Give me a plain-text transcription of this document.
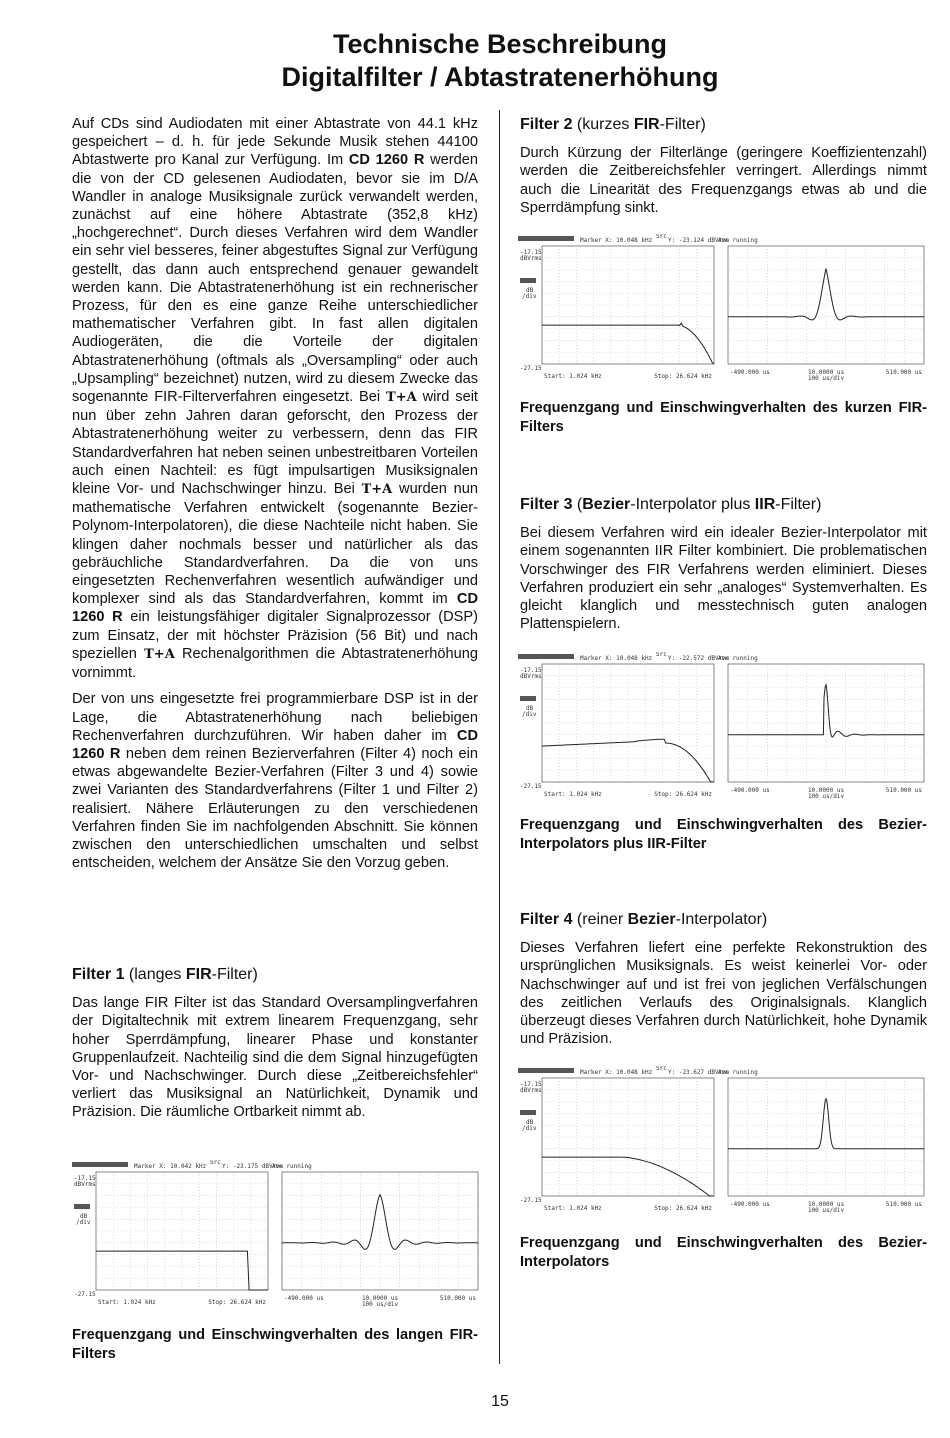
Technische Beschreibung
Digitalfilter / Abtastratenerhöhung

Auf CDs sind Audiodaten mit einer Abtastrate von 44.1 kHz gespeichert – d. h. für jede Sekunde Musik stehen 44100 Abtastwerte pro Kanal zur Verfügung. Im CD 1260 R werden die von der CD gelesenen Audiodaten, bevor sie im D/A Wandler in analoge Musiksignale zurück verwandelt werden, zunächst auf eine höhere Abtastrate (352,8 kHz) „hochgerechnet“. Durch dieses Verfahren wird dem Wandler ein sehr viel besseres, feiner abgestuftes Signal zur Verfügung gestellt, das dann auch entsprechend genauer gewandelt werden kann. Die Abtastratenerhöhung ist ein rechnerischer Prozess, für den es eine ganze Reihe unterschiedlicher mathematischer Verfahren gibt. In fast allen digitalen Audiogeräten, die die Vorteile der digitalen Abtastratenerhöhung (oftmals als „Oversampling“ oder auch „Upsampling“ bezeichnet) nutzen, wird zu diesem Zwecke das sogenannte FIR-Filterverfahren eingesetzt. Bei T+A wird seit nun über zehn Jahren daran geforscht, den Prozess der Abtastratenerhöhung weiter zu verbessern, denn das FIR Standardverfahren hat neben seinen unbestreitbaren Vorteilen auch einen Nachteil: es fügt impulsartigen Musiksignalen kleine Vor- und Nachschwinger hinzu. Bei T+A wurden nun mathematische Verfahren entwickelt (sogenannte Bezier-Polynom-Interpolatoren), die diese Nachteile nicht haben. Sie klingen daher nochmals besser und natürlicher als das gebräuchliche Standardverfahren. Da die von uns eingesetzten Rechenverfahren wesentlich aufwändiger und komplexer sind als das Standardverfahren, kommt im CD 1260 R ein leistungsfähiger digitaler Signalprozessor (DSP) zum Einsatz, der mit höchster Präzision (56 Bit) und nach speziellen T+A Rechenalgorithmen die Abtastratenerhöhung vornimmt.

Der von uns eingesetzte frei programmierbare DSP ist in der Lage, die Abtastratenerhöhung nach beliebigen Rechenverfahren durchzuführen. Wir haben daher im CD 1260 R neben dem reinen Bezierverfahren (Filter 4) noch ein etwas abgewandelte Bezier-Verfahren (Filter 3 und 4) sowie zwei Varianten des Standardverfahrens (Filter 1 und Filter 2) realisiert. Nähere Erläuterungen zu den verschiedenen Verfahren finden Sie im nachfolgenden Abschnitt. Sie können zwischen den unterschiedlichen umschalten und selbst entscheiden, welchem der Ansätze Sie den Vorzug geben.

Filter 1 (langes FIR-Filter)

Das lange FIR Filter ist das Standard Oversamplingverfahren der Digitaltechnik mit extrem linearem Frequenzgang, sehr hoher Sperrdämpfung, linearer Phase und konstanter Gruppenlaufzeit. Nachteilig sind die dem Signal hinzugefügten Vor- und Nachschwinger. Durch diese „Zeitbereichsfehler“ verliert das Musiksignal an Natürlichkeit, Dynamik und Präzision. Die räumliche Ortbarkeit nimmt ab.

Frequenzgang und Einschwingverhalten des langen FIR-Filters

Filter 2 (kurzes FIR-Filter)

Durch Kürzung der Filterlänge (geringere Koeffizientenzahl) werden die Zeitbereichsfehler verringert. Allerdings nimmt auch die Linearität des Frequenzgangs etwas ab und die Sperrdämpfung sinkt.

Frequenzgang und Einschwingverhalten des kurzen FIR-Filters

Filter 3 (Bezier-Interpolator plus IIR-Filter)

Bei diesem Verfahren wird ein idealer Bezier-Interpolator mit einem sogenannten IIR Filter kombiniert. Die problematischen Vorschwinger des FIR Verfahrens werden eliminiert. Dieses Verfahren produziert ein sehr „analoges“ Systemverhalten. Es gleicht klanglich und messtechnisch guten analogen Plattenspielern.

Frequenzgang und Einschwingverhalten des Bezier-Interpolators plus IIR-Filter

Filter 4 (reiner Bezier-Interpolator)

Dieses Verfahren liefert eine perfekte Rekonstruktion des ursprünglichen Musiksignals. Es weist keinerlei Vor- oder Nachschwinger auf und ist frei von jeglichen Verfälschungen des zeitlichen Verlaufs des Originalsignals. Klanglich überzeugt dieses Verfahren durch Natürlichkeit, hohe Dynamik und Präzision.

Frequenzgang und Einschwingverhalten des Bezier-Interpolators

Marker X: 10.042 kHz	Y: -23.175 dBVrms
Src
Ave running
-17.15
dBVrms
dB
/div
-27.15
Start: 1.024 kHz	Stop: 26.624 kHz
-490.000 us	10.0000 us
100 us/div
510.000 us
Marker X: 10.048 kHz	Y: -23.124 dBVrms
Src
Ave running
-17.15
dBVrms
dB
/div
-27.15
Start: 1.024 kHz	Stop: 26.624 kHz
-490.000 us	10.0000 us
100 us/div
510.000 us
Marker X: 10.048 kHz	Y: -22.572 dBVrms
Src
Ave running
-17.15
dBVrms
dB
/div
-27.15
Start: 1.024 kHz	Stop: 26.624 kHz
-490.000 us	10.0000 us
100 us/div
510.000 us
Marker X: 10.048 kHz	Y: -23.627 dBVrms
Src
Ave running
-17.15
dBVrms
dB
/div
-27.15
Start: 1.024 kHz	Stop: 26.624 kHz
-490.000 us	10.0000 us
100 us/div
510.000 us
15
